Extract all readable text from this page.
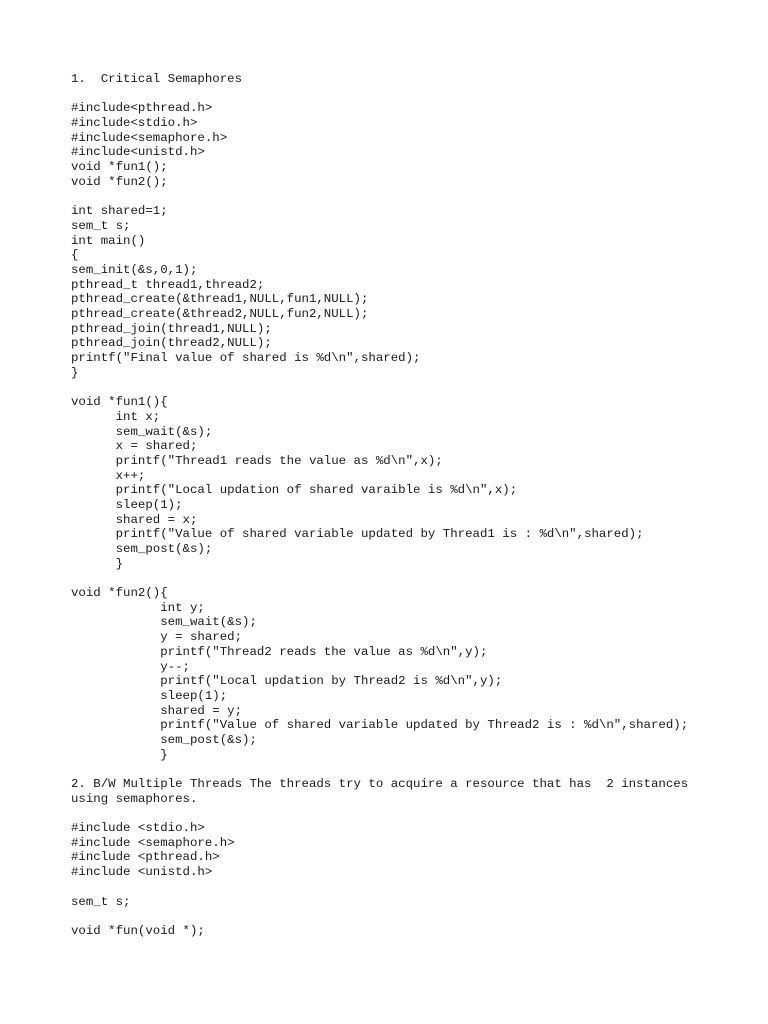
1.  Critical Semaphores
#include<pthread.h>
#include<stdio.h>
#include<semaphore.h>
#include<unistd.h>
void *fun1();
void *fun2();
int shared=1;
sem_t s;
int main()
{
sem_init(&s,0,1);
pthread_t thread1,thread2;
pthread_create(&thread1,NULL,fun1,NULL);
pthread_create(&thread2,NULL,fun2,NULL);
pthread_join(thread1,NULL);
pthread_join(thread2,NULL);
printf("Final value of shared is %d\n",shared);
}
void *fun1(){
int x;
sem_wait(&s);
x = shared;
printf("Thread1 reads the value as %d\n",x);
x++;
printf("Local updation of shared varaible is %d\n",x);
sleep(1);
shared = x;
printf("Value of shared variable updated by Thread1 is : %d\n",shared);
sem_post(&s);
}
void *fun2(){
int y;
sem_wait(&s);
y = shared;
printf("Thread2 reads the value as %d\n",y);
y--;
printf("Local updation by Thread2 is %d\n",y);
sleep(1);
shared = y;
printf("Value of shared variable updated by Thread2 is : %d\n",shared);
sem_post(&s);
}
2. B/W Multiple Threads The threads try to acquire a resource that has  2 instances
using semaphores.
#include <stdio.h>
#include <semaphore.h>
#include <pthread.h>
#include <unistd.h>
sem_t s;
void *fun(void *);
